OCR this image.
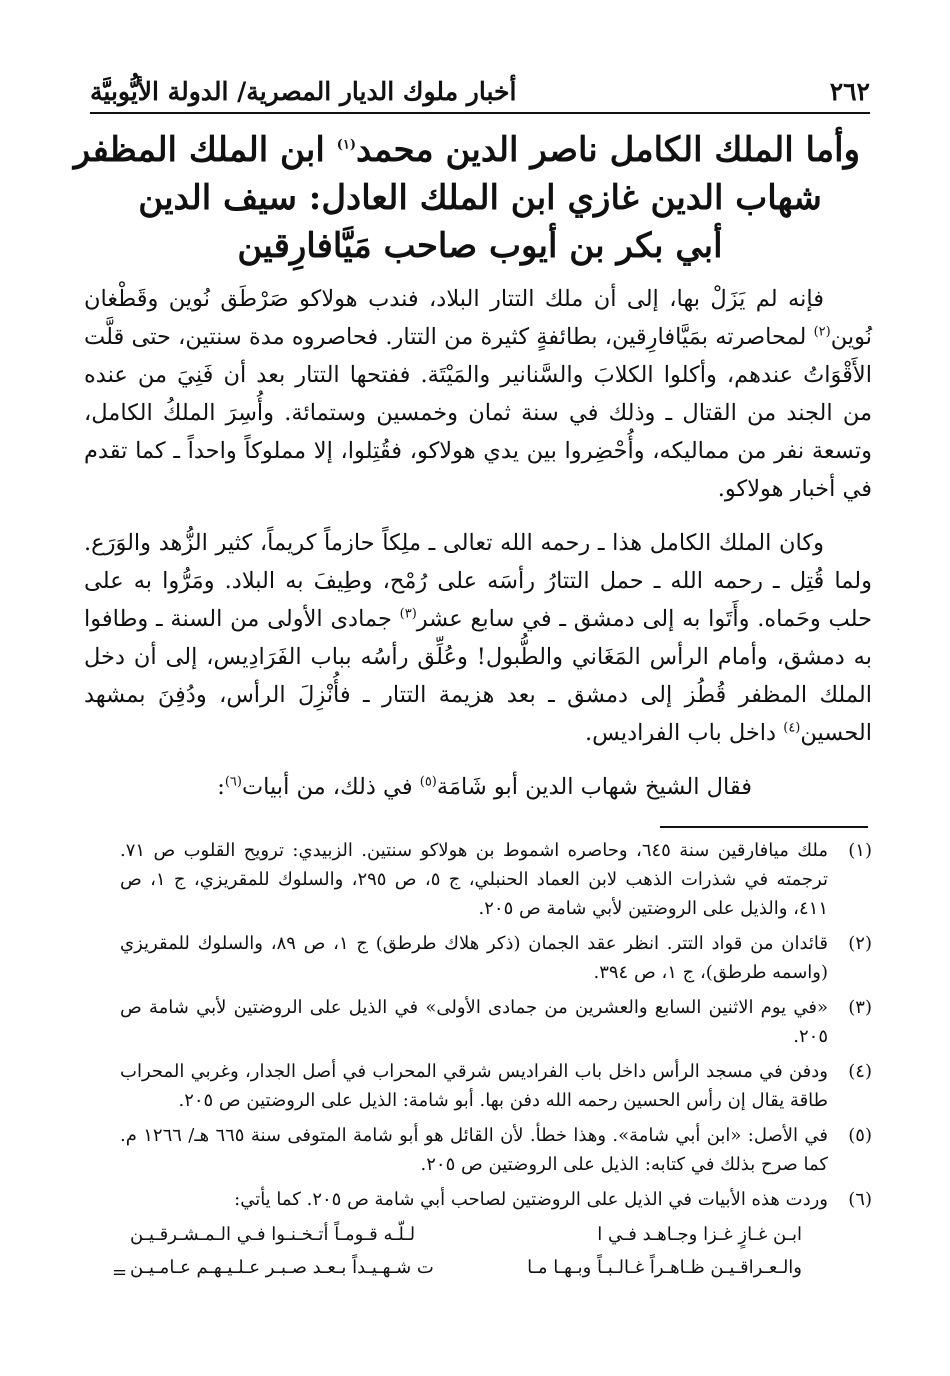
٢٦٢
أخبار ملوك الديار المصرية/ الدولة الأيُّوبيَّة
وأما الملك الكامل ناصر الدين محمد$^{(١)}$ ابن الملك المظفر
شهاب الدين غازي ابن الملك العادل: سيف الدين
أبي بكر بن أيوب صاحب مَيَّافارِقين

فإنه لم يَزَلْ بها، إلى أن ملك التتار البلاد، فندب هولاكو صَرْطَق نُوين وقَطْغان نُوين$^{(٢)}$ لمحاصرته بمَيَّافارِقين، بطائفةٍ كثيرة من التتار. فحاصروه مدة سنتين، حتى قلَّت الأَقْوَاتُ عندهم، وأكلوا الكلابَ والسَّنانير والمَيْتَة. ففتحها التتار بعد أن فَنِيَ من عنده من الجند من القتال ـ وذلك في سنة ثمان وخمسين وستمائة. وأُسِرَ الملكُ الكامل، وتسعة نفر من مماليكه، وأُحْضِروا بين يدي هولاكو، فقُتِلوا، إلا مملوكاً واحداً ـ كما تقدم في أخبار هولاكو.

وكان الملك الكامل هذا ـ رحمه الله تعالى ـ ملِكاً حازماً كريماً، كثير الزُّهد والوَرَع. ولما قُتِل ـ رحمه الله ـ حمل التتارُ رأسَه على رُمْح، وطِيفَ به البلاد. ومَرُّوا به على حلب وحَماه. وأَتَوا به إلى دمشق ـ في سابع عشر$^{(٣)}$ جمادى الأولى من السنة ـ وطافوا به دمشق، وأمام الرأس المَغَاني والطُّبول! وعُلِّق رأسُه بباب الفَرَادِيس، إلى أن دخل الملك المظفر قُطُز إلى دمشق ـ بعد هزيمة التتار ـ فأُنْزِلَ الرأس، ودُفِنَ بمشهد الحسين$^{(٤)}$ داخل باب الفراديس.

فقال الشيخ شهاب الدين أبو شَامَة$^{(٥)}$ في ذلك، من أبيات$^{(٦)}$:

(١)
ملك ميافارقين سنة ٦٤٥، وحاصره اشموط بن هولاكو سنتين. الزبيدي: ترويح القلوب ص ٧١. ترجمته في شذرات الذهب لابن العماد الحنبلي، ج ٥، ص ٢٩٥، والسلوك للمقريزي، ج ١، ص ٤١١، والذيل على الروضتين لأبي شامة ص ٢٠٥.
(٢)
قائدان من قواد التتر. انظر عقد الجمان (ذكر هلاك طرطق) ج ١، ص ٨٩، والسلوك للمقريزي (واسمه طرطق)، ج ١، ص ٣٩٤.
(٣)
«في يوم الاثنين السابع والعشرين من جمادى الأولى» في الذيل على الروضتين لأبي شامة ص ٢٠٥.
(٤)
ودفن في مسجد الرأس داخل باب الفراديس شرقي المحراب في أصل الجدار، وغربي المحراب طاقة يقال إن رأس الحسين رحمه الله دفن بها. أبو شامة: الذيل على الروضتين ص ٢٠٥.
(٥)
في الأصل: «ابن أبي شامة». وهذا خطأ. لأن القائل هو أبو شامة المتوفى سنة ٦٦٥ هـ/ ١٢٦٦ م. كما صرح بذلك في كتابه: الذيل على الروضتين ص ٢٠٥.
(٦)
وردت هذه الأبيات في الذيل على الروضتين لصاحب أبي شامة ص ٢٠٥. كما يأتي:
ابـن غـازٍ غـزا وجـاهـد فـي ا
لـلّـه قـومـاً أتـخـنـوا فـي الـمـشـرقـيـن
والـعـراقـيـن ظـاهـراً غـالـبـاً وبـهـا مـا
ت شـهـيـداً بـعـد صـبـر عـلـيـهـم عـامـيـن
=
